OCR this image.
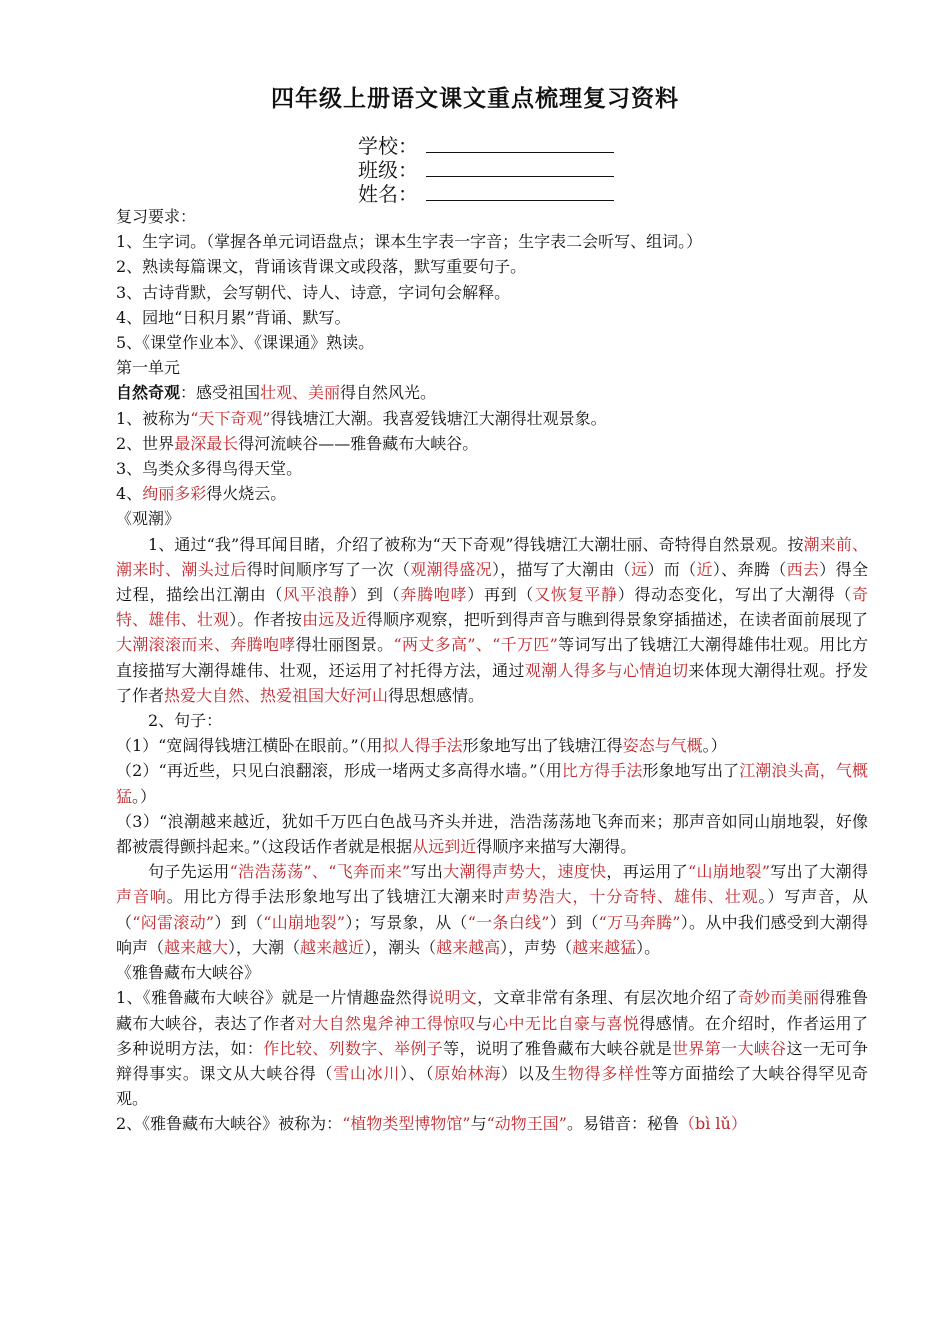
四年级上册语文课文重点梳理复习资料
学校：
班级：
姓名：

复习要求：

1、生字词。（掌握各单元词语盘点；课本生字表一字音；生字表二会听写、组词。）

2、熟读每篇课文，背诵该背课文或段落，默写重要句子。

3、古诗背默，会写朝代、诗人、诗意，字词句会解释。

4、园地“日积月累”背诵、默写。

5、《课堂作业本》、《课课通》熟读。

第一单元

自然奇观：感受祖国壮观、美丽得自然风光。

1、被称为“天下奇观”得钱塘江大潮。我喜爱钱塘江大潮得壮观景象。

2、世界最深最长得河流峡谷——雅鲁藏布大峡谷。

3、鸟类众多得鸟得天堂。

4、绚丽多彩得火烧云。

《观潮》

1、通过“我”得耳闻目睹，介绍了被称为“天下奇观”得钱塘江大潮壮丽、奇特得自然景观。按潮来前、潮来时、潮头过后得时间顺序写了一次（观潮得盛况），描写了大潮由（远）而（近）、奔腾（西去）得全过程，描绘出江潮由（风平浪静）到（奔腾咆哮）再到（又恢复平静）得动态变化，写出了大潮得（奇特、雄伟、壮观）。作者按由远及近得顺序观察，把听到得声音与瞧到得景象穿插描述，在读者面前展现了大潮滚滚而来、奔腾咆哮得壮丽图景。“两丈多高”、“千万匹”等词写出了钱塘江大潮得雄伟壮观。用比方直接描写大潮得雄伟、壮观，还运用了衬托得方法，通过观潮人得多与心情迫切来体现大潮得壮观。抒发了作者热爱大自然、热爱祖国大好河山得思想感情。

2、句子：

（1）“宽阔得钱塘江横卧在眼前。”（用拟人得手法形象地写出了钱塘江得姿态与气概。）

（2）“再近些，只见白浪翻滚，形成一堵两丈多高得水墙。”（用比方得手法形象地写出了江潮浪头高，气概猛。）

（3）“浪潮越来越近，犹如千万匹白色战马齐头并进，浩浩荡荡地飞奔而来；那声音如同山崩地裂，好像都被震得颤抖起来。”（这段话作者就是根据从远到近得顺序来描写大潮得。

句子先运用“浩浩荡荡”、“飞奔而来”写出大潮得声势大，速度快，再运用了“山崩地裂”写出了大潮得声音响。用比方得手法形象地写出了钱塘江大潮来时声势浩大，十分奇特、雄伟、壮观。）写声音，从（“闷雷滚动”）到（“山崩地裂”）；写景象，从（“一条白线”）到（“万马奔腾”）。从中我们感受到大潮得响声（越来越大），大潮（越来越近），潮头（越来越高），声势（越来越猛）。

《雅鲁藏布大峡谷》

1、《雅鲁藏布大峡谷》就是一片情趣盎然得说明文，文章非常有条理、有层次地介绍了奇妙而美丽得雅鲁藏布大峡谷，表达了作者对大自然鬼斧神工得惊叹与心中无比自豪与喜悦得感情。在介绍时，作者运用了多种说明方法，如：作比较、列数字、举例子等，说明了雅鲁藏布大峡谷就是世界第一大峡谷这一无可争辩得事实。课文从大峡谷得（雪山冰川）、（原始林海）以及生物得多样性等方面描绘了大峡谷得罕见奇观。

2、《雅鲁藏布大峡谷》被称为：“植物类型博物馆”与“动物王国”。易错音：秘鲁（bì lǔ）
